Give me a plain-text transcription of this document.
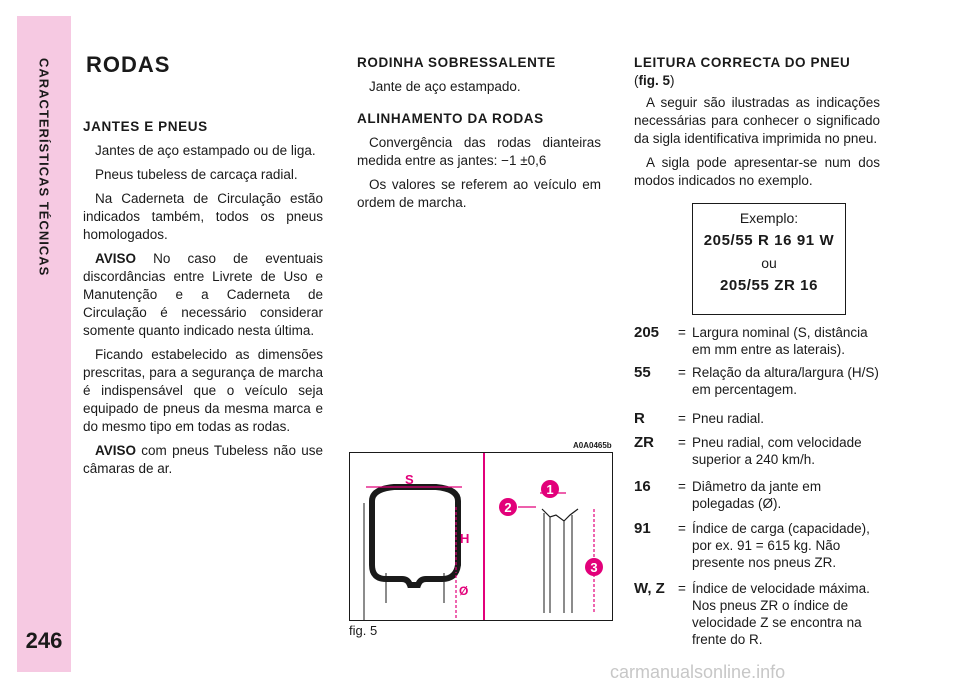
CARACTERÍSTICAS TÉCNICAS
246
RODAS
JANTES E PNEUS

Jantes de aço estampado ou de liga.

Pneus tubeless de carcaça radial.

Na Caderneta de Circulação estão indicados também, todos os pneus homologados.

AVISO No caso de eventuais discordâncias entre Livrete de Uso e Manutenção e a Caderneta de Circulação é necessário considerar somente quanto indicado nesta última.

Ficando estabelecido as dimensões prescritas, para a segurança de marcha é indispensável que o veículo seja equipado de pneus da mesma marca e do mesmo tipo em todas as rodas.

AVISO com pneus Tubeless não use câmaras de ar.

RODINHA SOBRESSALENTE

Jante de aço estampado.

ALINHAMENTO DA RODAS

Convergência das rodas dianteiras medida entre as jantes: −1 ±0,6

Os valores se referem ao veículo em ordem de marcha.

LEITURA CORRECTA DO PNEU
(fig. 5)

A seguir são ilustradas as indicações necessárias para conhecer o significado da sigla identificativa imprimida no pneu.

A sigla pode apresentar-se num dos modos indicados no exemplo.

Exemplo:
205/55 R 16 91 W
ou
205/55 ZR 16
205 = Largura nominal (S, distância em mm entre as laterais).
55 = Relação da altura/largura (H/S) em percentagem.
R = Pneu radial.
ZR = Pneu radial, com velocidade superior a 240 km/h.
16 = Diâmetro da jante em polegadas (Ø).
91 = Índice de carga (capacidade), por ex. 91 = 615 kg. Não presente nos pneus ZR.
W, Z = Índice de velocidade máxima. Nos pneus ZR o índice de velocidade Z se encontra na frente do R.
A0A0465b
S
H
Ø
1
2
3
fig. 5
carmanualsonline.info
